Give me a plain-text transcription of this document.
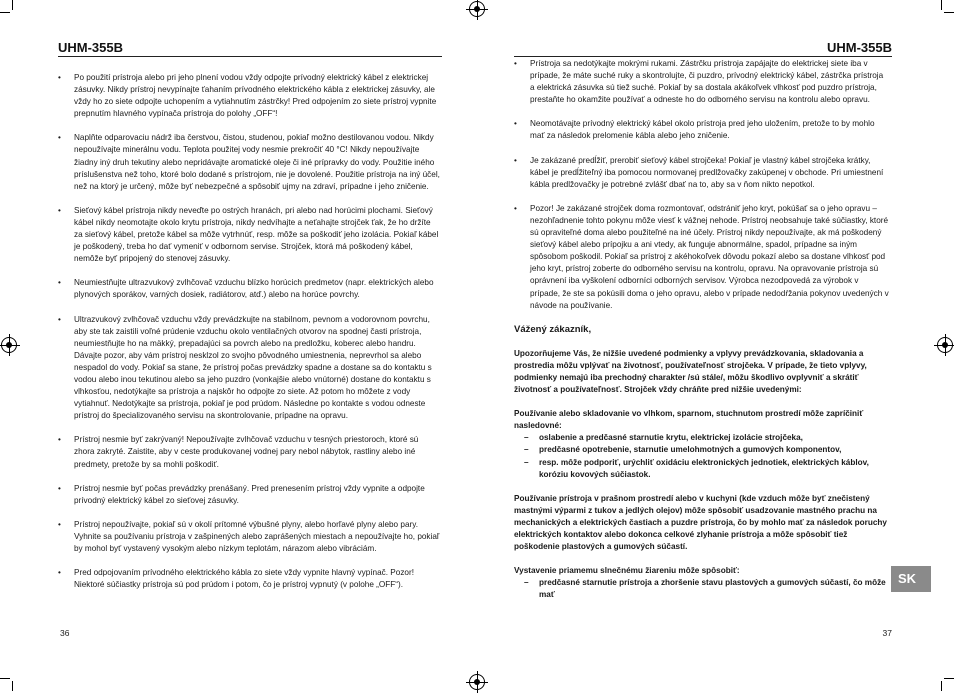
UHM-355B
• Po použití prístroja alebo pri jeho plnení vodou vždy odpojte prívodný elektrický kábel z elektrickej zásuvky. Nikdy prístroj nevypínajte ťahaním prívodného elektrického kábla z elektrickej zásuvky, ale vždy ho zo siete odpojte uchopením a vytiahnutím zástrčky! Pred odpojením zo siete prístroj vypnite prepnutím hlavného vypínača prístroja do polohy „OFF“!
• Naplňte odparovaciu nádrž iba čerstvou, čistou, studenou, pokiaľ možno destilovanou vodou. Nikdy nepoužívajte minerálnu vodu. Teplota použitej vody nesmie prekročiť 40 °C! Nikdy nepoužívajte žiadny iný druh tekutiny alebo nepridávajte aromatické oleje či iné prípravky do vody. Použitie iného príslušenstva než toho, ktoré bolo dodané s prístrojom, nie je dovolené. Použitie prístroja na iný účel, než na ktorý je určený, môže byť nebezpečné a spôsobiť ujmy na zdraví, prípadne i jeho zničenie.
• Sieťový kábel prístroja nikdy neveďte po ostrých hranách, pri alebo nad horúcimi plochami. Sieťový kábel nikdy neomotajte okolo krytu prístroja, nikdy nedvíhajte a neťahajte strojček ťak, že ho držíte za sieťový kábel, pretože kábel sa môže vytrhnúť, resp. môže sa poškodiť jeho izolácia. Pokiaľ kábel je poškodený, treba ho dať vymeniť v odbornom servise. Strojček, ktorá má poškodený kábel, nemôže byť pripojený do stenovej zásuvky.
• Neumiestňujte ultrazvukový zvlhčovač vzduchu blízko horúcich predmetov (napr. elektrických alebo plynových sporákov, varných dosiek, radiátorov, atď.) alebo na horúce povrchy.
• Ultrazvukový zvlhčovač vzduchu vždy prevádzkujte na stabilnom, pevnom a vodorovnom povrchu, aby ste tak zaistili voľné prúdenie vzduchu okolo ventilačných otvorov na spodnej časti prístroja, neumiestňujte ho na mäkký, prepadajúci sa povrch alebo na predložku, koberec alebo handru. Dávajte pozor, aby vám prístroj nesklzol zo svojho pôvodného umiestnenia, neprevrhol sa alebo nespadol do vody. Pokiaľ sa stane, že prístroj počas prevádzky spadne a dostane sa do kontaktu s vodou alebo inou tekutinou alebo sa jeho puzdro (vonkajšie alebo vnútorné) dostane do kontaktu s vlhkosťou, nedotýkajte sa prístroja a najskôr ho odpojte zo siete. Až potom ho môžete z vody vytiahnuť. Nedotýkajte sa prístroja, pokiaľ je pod prúdom. Následne po kontakte s vodou odneste prístroj do špecializovaného servisu na skontrolovanie, prípadne na opravu.
• Prístroj nesmie byť zakrývaný! Nepoužívajte zvlhčovač vzduchu v tesných priestoroch, ktoré sú zhora zakryté. Zaistite, aby v ceste produkovanej vodnej pary nebol nábytok, rastliny alebo iné predmety, pretože by sa mohli poškodiť.
• Prístroj nesmie byť počas prevádzky prenášaný. Pred prenesením prístroj vždy vypnite a odpojte prívodný elektrický kábel zo sieťovej zásuvky.
• Prístroj nepoužívajte, pokiaľ sú v okolí prítomné výbušné plyny, alebo horľavé plyny alebo pary. Vyhnite sa používaniu prístroja v zašpinených alebo zaprášených miestach a nepoužívajte ho, pokiaľ by mohol byť vystavený vysokým alebo nízkym teplotám, nárazom alebo vibráciám.
• Pred odpojovaním prívodného elektrického kábla zo siete vždy vypnite hlavný vypínač. Pozor! Niektoré súčiastky prístroja sú pod prúdom i potom, čo je prístroj vypnutý (v polohe „OFF“).
36
UHM-355B
• Prístroja sa nedotýkajte mokrými rukami. Zástrčku prístroja zapájajte do elektrickej siete iba v prípade, že máte suché ruky a skontrolujte, či puzdro, prívodný elektrický kábel, zástrčka prístroja a elektrická zásuvka sú tiež suché. Pokiaľ by sa dostala akákoľvek vlhkosť pod puzdro prístroja, prestaňte ho okamžite používať a odneste ho do odborného servisu na kontrolu alebo opravu.
• Neomotávajte prívodný elektrický kábel okolo prístroja pred jeho uložením, pretože to by mohlo mať za následok prelomenie kábla alebo jeho zničenie.
• Je zakázané predĺžiť, prerobiť sieťový kábel strojčeka! Pokiaľ je vlastný kábel strojčeka krátky, kábel je predĺžiteľný iba pomocou normovanej predlžovačky zakúpenej v obchode. Pri umiestnení kábla predlžovačky je potrebné zvlášť dbať na to, aby sa v ňom nikto nepotkol.
• Pozor! Je zakázané strojček doma rozmontovať, odstrániť jeho kryt, pokúšať sa o jeho opravu – nezohľadnenie tohto pokynu môže viesť k vážnej nehode. Prístroj neobsahuje také súčiastky, ktoré sú opraviteľné doma alebo použiteľné na iné účely. Prístroj nikdy nepoužívajte, ak má poškodený sieťový kábel alebo prípojku a ani vtedy, ak funguje abnormálne, spadol, prípadne sa iným spôsobom poškodil. Pokiaľ sa prístroj z akéhokoľvek dôvodu pokazí alebo sa dostane vlhkosť pod jeho kryt, prístroj zoberte do odborného servisu na kontrolu, opravu. Na opravovanie prístroja sú oprávnení iba vyškolení odborníci odborných servisov. Výrobca nezodpovedá za výrobok v prípade, že ste sa pokúsili doma o jeho opravu, alebo v prípade nedodŕžania pokynov uvedených v návode na používanie.
Vážený zákazník,

Upozorňujeme Vás, že nižšie uvedené podmienky a vplyvy prevádzkovania, skladovania a prostredia môžu vplývať na životnosť, používateľnosť strojčeka. V prípade, že tieto vplyvy, podmienky nemajú iba prechodný charakter /sú stále/, môžu škodlivo ovplyvniť a skrátiť životnosť a používateľnosť. Strojček vždy chráňte pred nižšie uvedenými:

Používanie alebo skladovanie vo vlhkom, sparnom, stuchnutom prostredí môže zapríčiniť nasledovné:

– oslabenie a predčasné starnutie krytu, elektrickej izolácie strojčeka,
– predčasné opotrebenie, starnutie umelohmotných a gumových komponentov,
– resp. môže podporiť, urýchliť oxidáciu elektronických jednotiek, elektrických káblov, koróziu kovových súčiastok.

Používanie prístroja v prašnom prostredí alebo v kuchyni (kde vzduch môže byť znečistený mastnými výparmi z tukov a jedlých olejov) môže spôsobiť usadzovanie mastného prachu na mechanických a elektrických častiach a puzdre prístroja, čo by mohlo mať za následok poruchy elektrických kontaktov alebo dokonca celkové zlyhanie prístroja a môže spôsobiť tiež poškodenie plastových a gumových súčastí.

Vystavenie priamemu slnečnému žiareniu môže spôsobiť:

– predčasné starnutie prístroja a zhoršenie stavu plastových a gumových súčastí, čo môže mať
SK
37
